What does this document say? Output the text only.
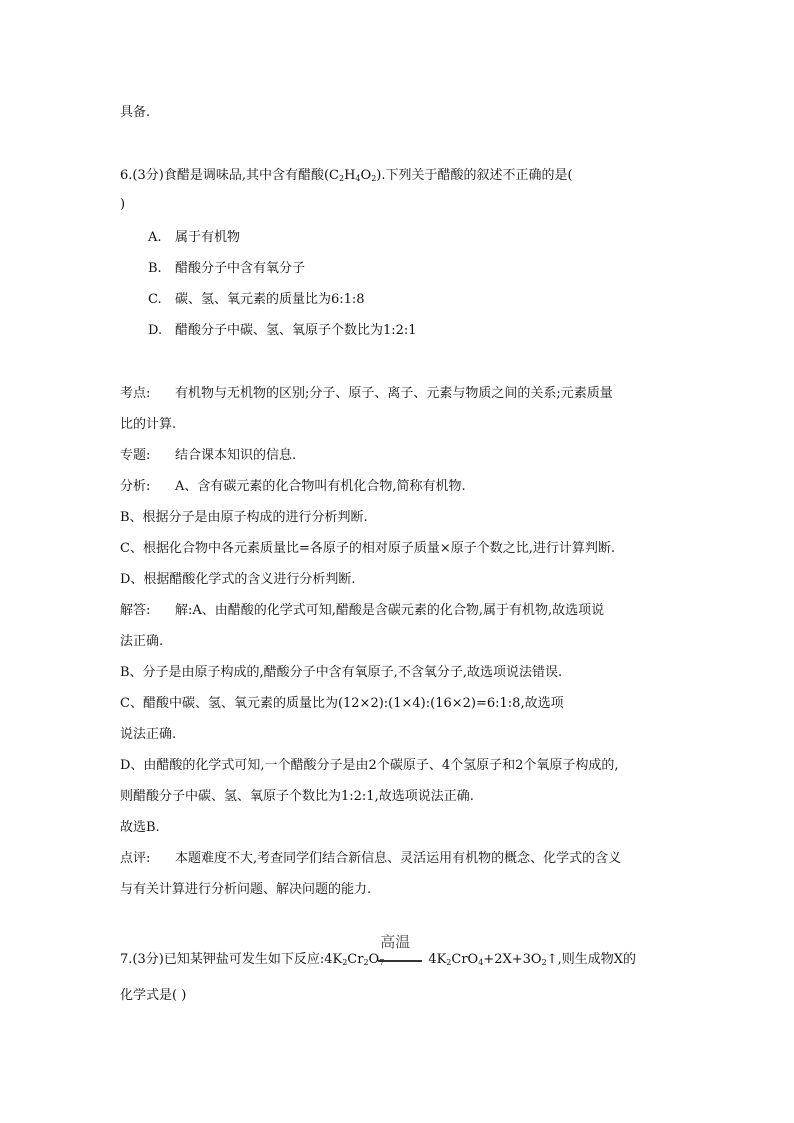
具备.
6.(3分)食醋是调味品,其中含有醋酸$(C_2H_4O_2)$.下列关于醋酸的叙述不正确的是(
)
A. 属于有机物
B. 醋酸分子中含有氧分子
C. 碳、氢、氧元素的质量比为6:1:8
D. 醋酸分子中碳、氢、氧原子个数比为1:2:1
考点: 有机物与无机物的区别;分子、原子、离子、元素与物质之间的关系;元素质量
比的计算.
专题: 结合课本知识的信息.
分析: A、含有碳元素的化合物叫有机化合物,简称有机物.
B、根据分子是由原子构成的进行分析判断.
C、根据化合物中各元素质量比=各原子的相对原子质量×原子个数之比,进行计算判断.
D、根据醋酸化学式的含义进行分析判断.
解答: 解:A、由醋酸的化学式可知,醋酸是含碳元素的化合物,属于有机物,故选项说
法正确.
B、分子是由原子构成的,醋酸分子中含有氧原子,不含氧分子,故选项说法错误.
C、醋酸中碳、氢、氧元素的质量比为(12×2):(1×4):(16×2)=6:1:8,故选项
说法正确.
D、由醋酸的化学式可知,一个醋酸分子是由2个碳原子、4个氢原子和2个氧原子构成的,
则醋酸分子中碳、氢、氧原子个数比为1:2:1,故选项说法正确.
故选B.
点评: 本题难度不大,考查同学们结合新信息、灵活运用有机物的概念、化学式的含义
与有关计算进行分析问题、解决问题的能力.
7.(3分)已知某钾盐可发生如下反应$:4K_2Cr_2O_7$
高温
$4K_2CrO_4+2X+3O_2↑$,则生成物X的
化学式是( )
